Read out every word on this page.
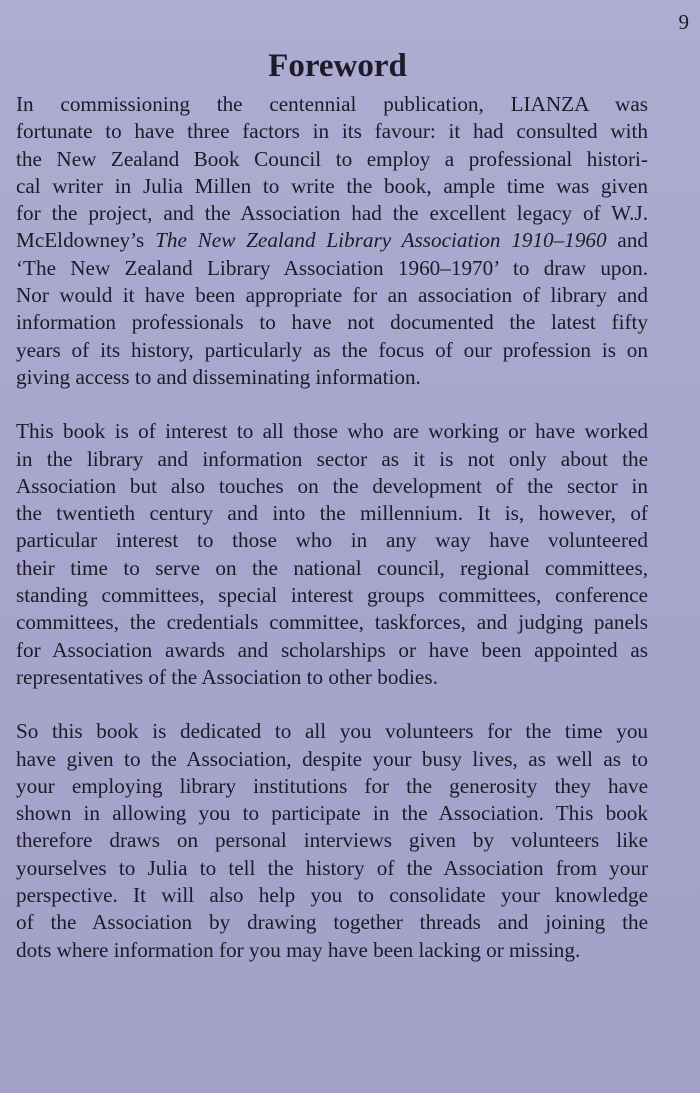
9
Foreword

In commissioning the centennial publication, LIANZA was
fortunate to have three factors in its favour: it had consulted with
the New Zealand Book Council to employ a professional histori-
cal writer in Julia Millen to write the book, ample time was given
for the project, and the Association had the excellent legacy of W.J.
McEldowney’s The New Zealand Library Association 1910–1960 and
‘The New Zealand Library Association 1960–1970’ to draw upon.
Nor would it have been appropriate for an association of library and
information professionals to have not documented the latest fifty
years of its history, particularly as the focus of our profession is on
giving access to and disseminating information.

This book is of interest to all those who are working or have worked
in the library and information sector as it is not only about the
Association but also touches on the development of the sector in
the twentieth century and into the millennium. It is, however, of
particular interest to those who in any way have volunteered
their time to serve on the national council, regional committees,
standing committees, special interest groups committees, conference
committees, the credentials committee, taskforces, and judging panels
for Association awards and scholarships or have been appointed as
representatives of the Association to other bodies.

So this book is dedicated to all you volunteers for the time you
have given to the Association, despite your busy lives, as well as to
your employing library institutions for the generosity they have
shown in allowing you to participate in the Association. This book
therefore draws on personal interviews given by volunteers like
yourselves to Julia to tell the history of the Association from your
perspective. It will also help you to consolidate your knowledge
of the Association by drawing together threads and joining the
dots where information for you may have been lacking or missing.
